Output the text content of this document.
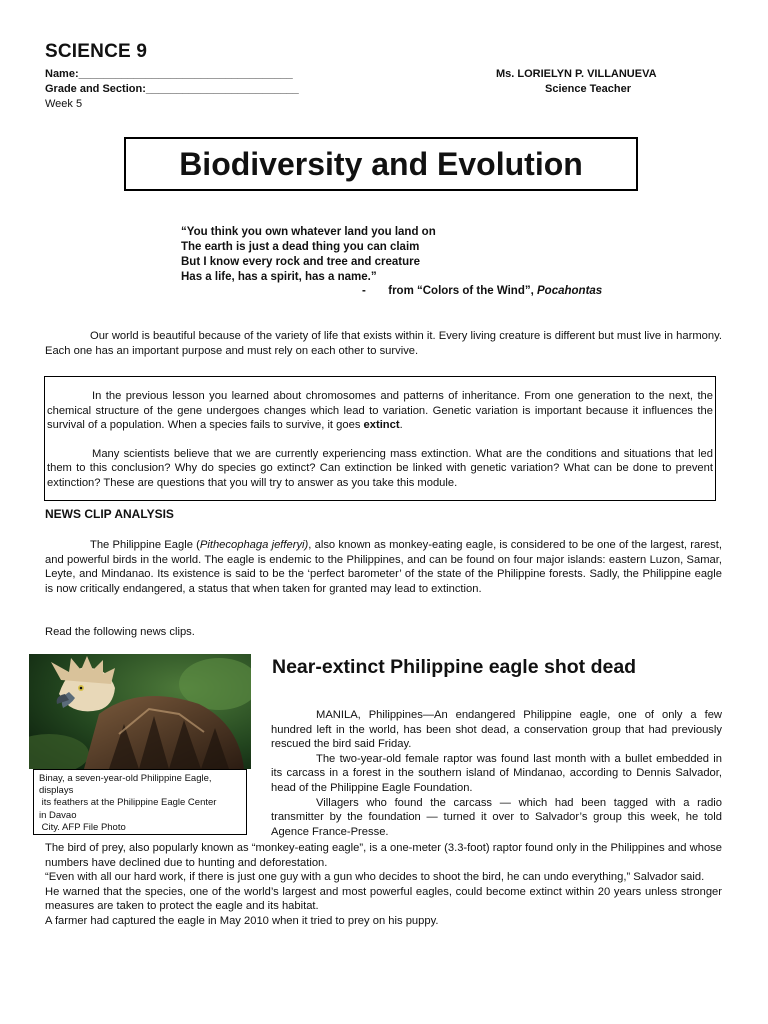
SCIENCE 9
Name:___________________________________
Grade and Section:_________________________
Week 5
Ms. LORIELYN P. VILLANUEVA
Science Teacher
Biodiversity and Evolution
“You think you own whatever land you land on
The earth is just a dead thing you can claim
But I know every rock and tree and creature
Has a life, has a spirit, has a name.”
- from “Colors of the Wind”, Pocahontas

Our world is beautiful because of the variety of life that exists within it. Every living creature is different but must live in harmony. Each one has an important purpose and must rely on each other to survive.

In the previous lesson you learned about chromosomes and patterns of inheritance. From one generation to the next, the chemical structure of the gene undergoes changes which lead to variation. Genetic variation is important because it influences the survival of a population. When a species fails to survive, it goes extinct.

Many scientists believe that we are currently experiencing mass extinction. What are the conditions and situations that led them to this conclusion? Why do species go extinct? Can extinction be linked with genetic variation? What can be done to prevent extinction? These are questions that you will try to answer as you take this module.

NEWS CLIP ANALYSIS

The Philippine Eagle (Pithecophaga jefferyi), also known as monkey-eating eagle, is considered to be one of the largest, rarest, and powerful birds in the world. The eagle is endemic to the Philippines, and can be found on four major islands: eastern Luzon, Samar, Leyte, and Mindanao. Its existence is said to be the ‘perfect barometer’ of the state of the Philippine forests. Sadly, the Philippine eagle is now critically endangered, a status that when taken for granted may lead to extinction.

Read the following news clips.
Binay, a seven-year-old Philippine Eagle,
displays
its feathers at the Philippine Eagle Center
in Davao
City. AFP File Photo
Near-extinct Philippine eagle shot dead

MANILA, Philippines—An endangered Philippine eagle, one of only a few hundred left in the world, has been shot dead, a conservation group that had previously rescued the bird said Friday.

The two-year-old female raptor was found last month with a bullet embedded in its carcass in a forest in the southern island of Mindanao, according to Dennis Salvador, head of the Philippine Eagle Foundation.

Villagers who found the carcass — which had been tagged with a radio transmitter by the foundation — turned it over to Salvador’s group this week, he told Agence France-Presse.

The bird of prey, also popularly known as “monkey-eating eagle”, is a one-meter (3.3-foot) raptor found only in the Philippines and whose numbers have declined due to hunting and deforestation.

“Even with all our hard work, if there is just one guy with a gun who decides to shoot the bird, he can undo everything,” Salvador said.

He warned that the species, one of the world’s largest and most powerful eagles, could become extinct within 20 years unless stronger measures are taken to protect the eagle and its habitat.

A farmer had captured the eagle in May 2010 when it tried to prey on his puppy.
